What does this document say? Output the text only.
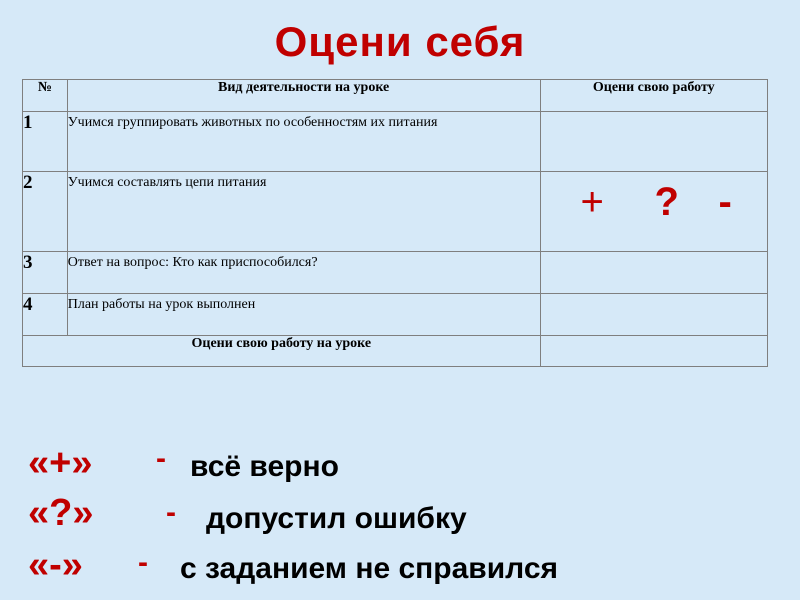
Оцени себя
№	Вид деятельности на уроке	Оцени свою работу
1	Учимся группировать животных по особенностям их питания	
2	Учимся составлять цепи питания	+ ? -

3	Ответ на вопрос: Кто как приспособился?	
4	План работы на урок выполнен	
Оцени свою работу на уроке		
«+» - всё верно
«?» - допустил ошибку
«-» - с заданием не справился
